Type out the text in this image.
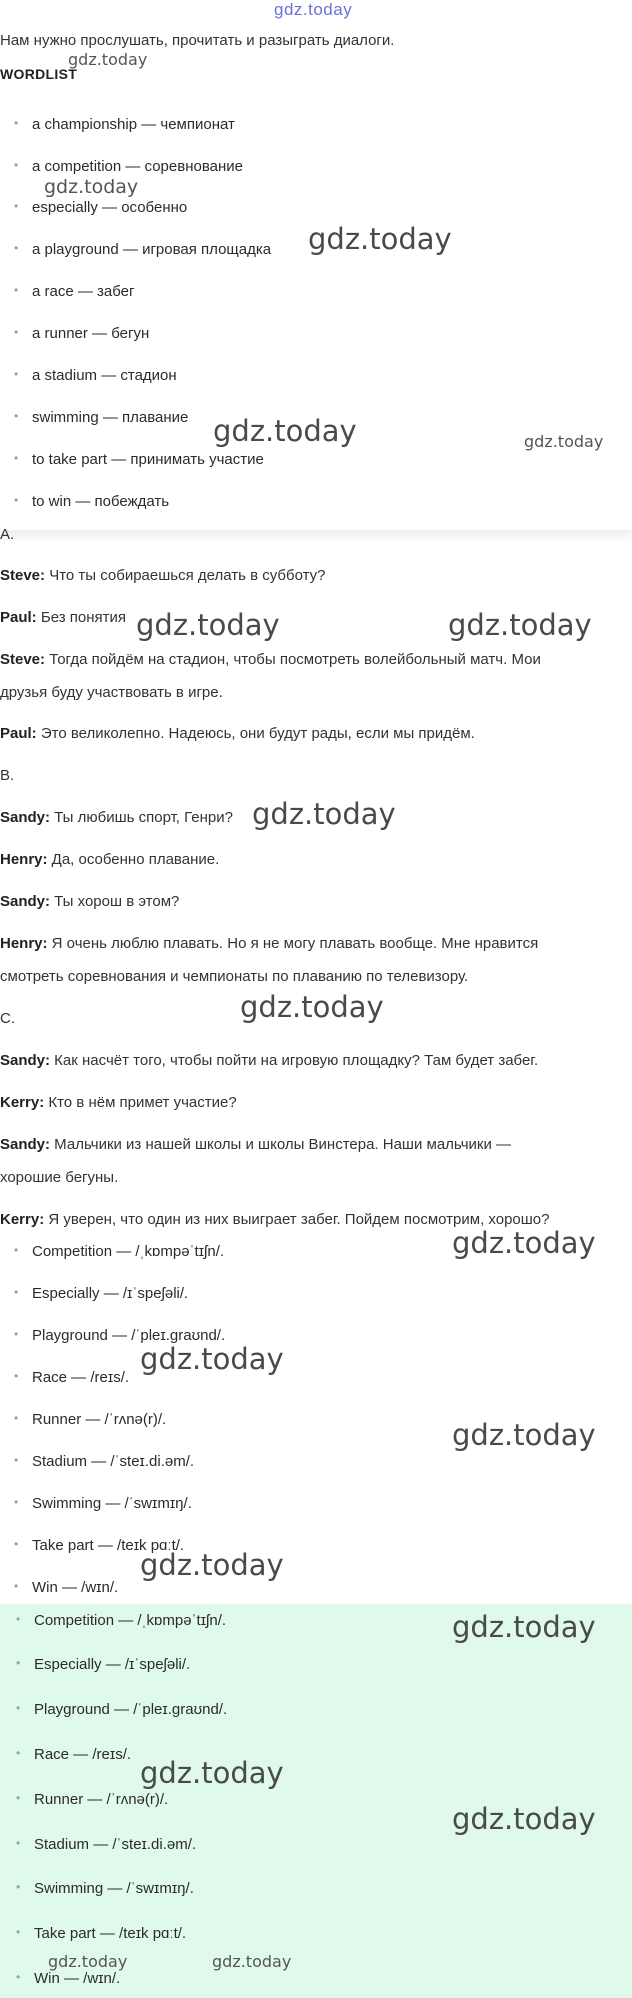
gdz.today
Нам нужно прослушать, прочитать и разыграть диалоги.
WORDLIST
• a championship — чемпионат
• a competition — соревнование
• especially — особенно
• a playground — игровая площадка
• a race — забег
• a runner — бегун
• a stadium — стадион
• swimming — плавание
• to take part — принимать участие
• to win — побеждать
A.
Steve: Что ты собираешься делать в субботу?
Paul: Без понятия
Steve: Тогда пойдём на стадион, чтобы посмотреть волейбольный матч. Мои
друзья буду участвовать в игре.
Paul: Это великолепно. Надеюсь, они будут рады, если мы придём.
B.
Sandy: Ты любишь спорт, Генри?
Henry: Да, особенно плавание.
Sandy: Ты хорош в этом?
Henry: Я очень люблю плавать. Но я не могу плавать вообще. Мне нравится
смотреть соревнования и чемпионаты по плаванию по телевизору.
C.
Sandy: Как насчёт того, чтобы пойти на игровую площадку? Там будет забег.
Kerry: Кто в нём примет участие?
Sandy: Мальчики из нашей школы и школы Винстера. Наши мальчики —
хорошие бегуны.
Kerry: Я уверен, что один из них выиграет забег. Пойдем посмотрим, хорошо?
• Competition — /ˌkɒmpəˈtɪʃn/.
• Especially — /ɪˈspeʃəli/.
• Playground — /ˈpleɪ.graʊnd/.
• Race — /reɪs/.
• Runner — /ˈrʌnə(r)/.
• Stadium — /ˈsteɪ.di.əm/.
• Swimming — /ˈswɪmɪŋ/.
• Take part — /teɪk pɑːt/.
• Win — /wɪn/.
• Competition — /ˌkɒmpəˈtɪʃn/.
• Especially — /ɪˈspeʃəli/.
• Playground — /ˈpleɪ.graʊnd/.
• Race — /reɪs/.
• Runner — /ˈrʌnə(r)/.
• Stadium — /ˈsteɪ.di.əm/.
• Swimming — /ˈswɪmɪŋ/.
• Take part — /teɪk pɑːt/.
• Win — /wɪn/.
gdz.today
gdz.today
gdz.today
gdz.today	gdz.today
gdz.today	gdz.today
gdz.today
gdz.today
gdz.today
gdz.today
gdz.today
gdz.today
gdz.today
gdz.today
gdz.today
gdz.today	gdz.today
